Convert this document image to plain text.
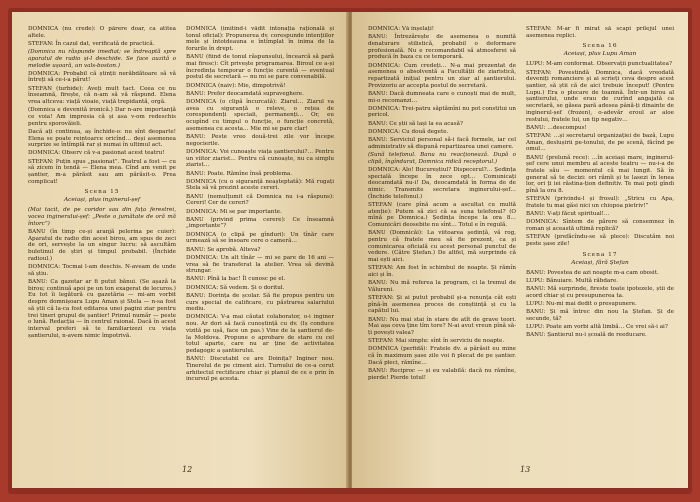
DOMNICA (nu crede): O părere doar, ca atîtea altele.

STEFAN: În cazul dat, verificată de practică.

(Domnica nu răspunde imediat; se îndreaptă spre aparatul de radio și-l deschide. Se face auzită o melodie ușoară, un vals-boston.)

DOMNICA: Probabil că știnții nerăbdătoare să vă întreți să ce-i-a părut!

STEFAN (turbide): Aveți mult tact. Ceea ce nu înseamnă, firește, că n-am să vă răspund. Elena vrea altceva: viață vioaie, viață trepidantă, orgă.

(Domnica e devenită ironică.) Dar n-are importanță ce voia! Am impresia că și asa v-om redeschis pentru sporovăieli.

Dacă ați continua, aș închide-o: nu sînt deoparte! Elena se poate reintoarce oricînd… deși asemenea surprize se întîmplă rar și numai în ultimul act.

DOMNICA: Observ că v-a pasionat acest teatru!

STEFAN: Puțin spus „pasionat”. Teatrul a fost — cu să zicem în tendă — Elena mea. Cînd am venit pe șantier, m-a părăsit sau am părăsit-o. Prea complicat!

Scena 15
Aceiași, plus inginerul-șef

(Mai tacit, de pe coridor sau din fața ferestrei, vocea inginerului-șef: „Peste o jumătate de oră mă întorc”)

BANU (în timp ce-și aranjă pelerina pe cuier): Aparatul de radio din acest birou, am spus de zeci de ori, servește la un singur lucru: să ascultăm buletinul de știri și timpul probabil. (Închide radioul.)

DOMNICA: Tocmai l-am deschis. N-aveam de unde să știu.

BANU: Ca gazetar ar fi putut bănui. (Se așază la birou; continuă apoi pe un ton exagerat de lecuros.) Eu tot îi legătură cu gazetăria — mi-am vorbit despre domnișoara Lupu Aman și Stela — n-sa fost să știi că la-ca fost editarea unei pagini ziar pentru trei tineri grupul de șantier! Primul număr — peste o lună. Redacția — în centrul raional. Dacă în acest interval preferi să te familiarizezi cu viața șantierului, n-avem nimic împotrivă.

DOMNICA (imitînd-i vădit intonația rațională și tonul oficial): Propunerea dv. corespunde intențiilor mele și întotdeauna e întîmplat în inima de la forurile în drept.

BANU (fiind de tonul răspunsului, încearcă să pară mai firesc): Cît privește programarea. Biroul ce a-și încredința temporar o funcție curentă — eventual postul de secretară — nu mi se pare convenabilă.

DOMNICA (naiv): Mie, dimpotrivă!

BANU: Prefer deocamdată supraveghere.

DOMNICA (o clipă încurcată): Ziarul… Ziarul va avea cu siguranță o releve, o rețea de corespondenți speciali, permanenți… Or, eu ocupînd cu timpul o funcție, o funcție concretă, asemenea cu acesta… Mie mi se pare clar!

BANU: Peste vreo două-trei zile vor începe negocierile.

DOMNICA: Voi cunoaște viața șantierului?… Pentru un viitor ziarist… Pentru că cunoaște, nu ca simplu ziarist…

BANU: Poate. Rămîne însă problema.

DOMNICA (cu o siguranță neașteptată): Mă rugați Stela să vă prezint aceste cereri.

BANU (nemulțumit că Domnica nu i-a răspuns): Cereri! Cer de cereri?

DOMNICA: Mi se par importante.

BANU (privind prima cerere): Ce înseamnă „importante”?

DOMNICA (o clipă pe gînduri): Un tînăr care urmează să se însoare cere o cameră…

BANU: Se aprobă. Alteva?

DOMNICA: Un alt tînăr — mi se pare de 16 ani — vrea să fie transferat la atelier. Vrea să devină strungar.

BANU: Pînă la bac! Îl cunosc pe el.

DOMNICA: Să vedem. Și o doritul.

BANU: Dorința de școlar. Să fie propus pentru un curs special de calificare, cu păstrarea salariului mediu.

DOMNICA: V-a mai căutat colaborator, o-i inginer nou. Ar dori să facă cunoștință cu dv. (Iș conduce vizită pe ușă, face un pas.) Vine de la șantierul de-la Moldova. Propune o aprobare de stare cu cel totul aparte, care nu ar ține de activitatea pedagogic a șantierului.

BANU: Discutabil ce are Doinița? Inginer nou. Tinerelul de pe ciment aici. Turnului de ce-a cerut arhitectul rectificare chiar și planul de ce e prin în incursul pe acesta.

12

DOMNICA: Vă înșelați!

BANU: Întrezărește de asemenea o numită denaturare stilistică, probabil o deformare profesională. Nu e recomandabil să atmosferei să producă în baza cu ce temporară.

DOMNICA: Cum credeți… N-a mai prezentat de asemenea o absolventă a Facultății de ziaristică, repartizată inițial pentru un ziar al șantierului. Provizoriu ar accepta postul de secretară.

BANU: Dacă dumneata care o cunoști mai de mult, mi-o recomanzi…

DOMNICA: Trei-patru săptămîni nu pot constitui un pericol.

BANU: Ce știi să lași la ea acasă?

DOMNICA: Cu două degete.

BANU: Serviciul personal să-i facă formele, iar cel administrativ să dispună repartizarea unei camere.

(Sună telefonul. Banu nu reacționează. După o clipă, îngîndurat, Domnica ridică receptorul.)

DOMNICA: Alo! Bucureștiul? Dispecerul?… Ședința specială începe în zece opt… Comunicați deocamdată nu-i! Da, deocamdată în forma de de nimic. Transmite secretara inginerului-șef… (Închide telefonul.)

STEFAN (care pînă acum a ascultat cu multă atenție): Putem să zici că sa suna telefonul? (O mînă pe Domnica.) Ședința începe la ora 8… Comunicări deosebite nu sînt… Totul e în regulă.

BANU (Domnicăi): La viitoarea ședință, vă rog, pentru că fratele meu să fie prezent, ca și comunicarea oficială cu acest personal punctul de vedere. (Către Ștefan.) De altfel, mă surprinde că mai ești aici.

STEFAN: Am fost în schimbul de noapte. Și rămîn aici și în.

BANU: Nu mă referea la program, ci la tremul de Vălureni.

STEFAN: Și ai putut probabil și-a renunța cât ești pînă-în asemenea proces de conștiință și cu la capătul lui.

BANU: Nu mai stai în stare de atît de grave teori. Mai așa ceva ține tîm tore? N-ai avut vreun pînă să-ți povești valea?

STEFAN: Mai simplu: sînt în serviciu de noapte.

DOMNICA (perfidă): Fratele dv. a părăsit eu mine că în maximum șase zile voi fi plecat de pe șantier. Dacă pleci, rămîne…

BANU: Reciproc — și eu valabilă: dacă nu rămîne, pierde! Pierde totul!

STEFAN: M-ar fi mirat să scapi prilejul unei asemenea replici.

Scena 16
Aceiași, plus Lupu Aman

LUPU: M-am conformat. Observații punctualitatea?

STEFAN: Povestindă Domnica, dacă vreodată deveniți romanciere și ai scrieți ceva despre acest șantier, să știi că de aici trebuie început! (Pentru Lupu.) Era o plecare de toamnă. Într-un birou al șantierului, unde erau de curînd angajată ca secretară, se găsea pară adesea până-ți dinainte de inginerul-șef (frozen), o-adevăr eroul ar aloe restului, fratele lui, un tip negativ…

BANU: …descompus!

STEFAN: …și secretarul organizației de bază, Lupu Aman, deslușirii pe-tonului, de pe scenă, făcînd pe omul…

BANU (prelună rece): …în aceiași mare, inginerul-șef cere unui membru al aceste teatru — nu-i-a de fratele său — momentul că mai lungit. Să în general să te decizi: ori rămîi și te lasezi în lenea lor, ori ți iei răstina-țion definitiv. Te mai poți gîndi pînă la ora 8.

STEFAN (privindu-l și frosul): „Stricu cu Apa, fratele tu mai găsi nici un chiopoa pietriv!”

BANU: V-ați făcut spiritual!…

DOMNICA: Sîntem de părere să consemnez în roman și această ultimă replică?

STEFAN (prefăcîndu-se să plece): Discutăm noi peste șase zile!

Scena 17
Aceiași, fără Ștefan

BANU: Povestea de azi noapte m-a cam obosit.

LUPU: Bănuiare. Multă răbdare.

BANU: Mă surprinde, fireste toate ipotezele, știi de acord chiar și cu presupunerea ta.

LUPU: Nu-mi mai dedit o presupunere.

BANU: Și mă întrec din nou la Ștefan. Și de secunde, tă?

LUPU: Poate am vorbi altă limbă… Ce vrei să-i ai?

BANU: Șantierul nu-i școală de reeducare.

13
